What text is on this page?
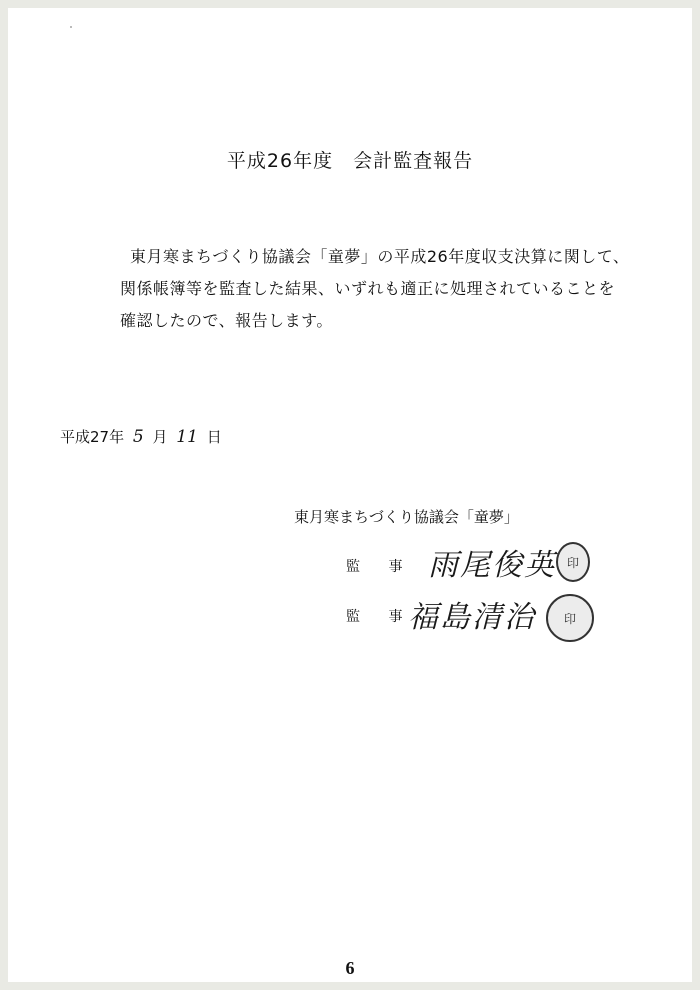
平成26年度　会計監査報告
東月寒まちづくり協議会「童夢」の平成26年度収支決算に関して、
関係帳簿等を監査した結果、いずれも適正に処理されていることを
確認したので、報告します。
平成27年 5 月 11 日
東月寒まちづくり協議会「童夢」
監 事 雨尾俊英 印
監 事
福島清治	印
6
